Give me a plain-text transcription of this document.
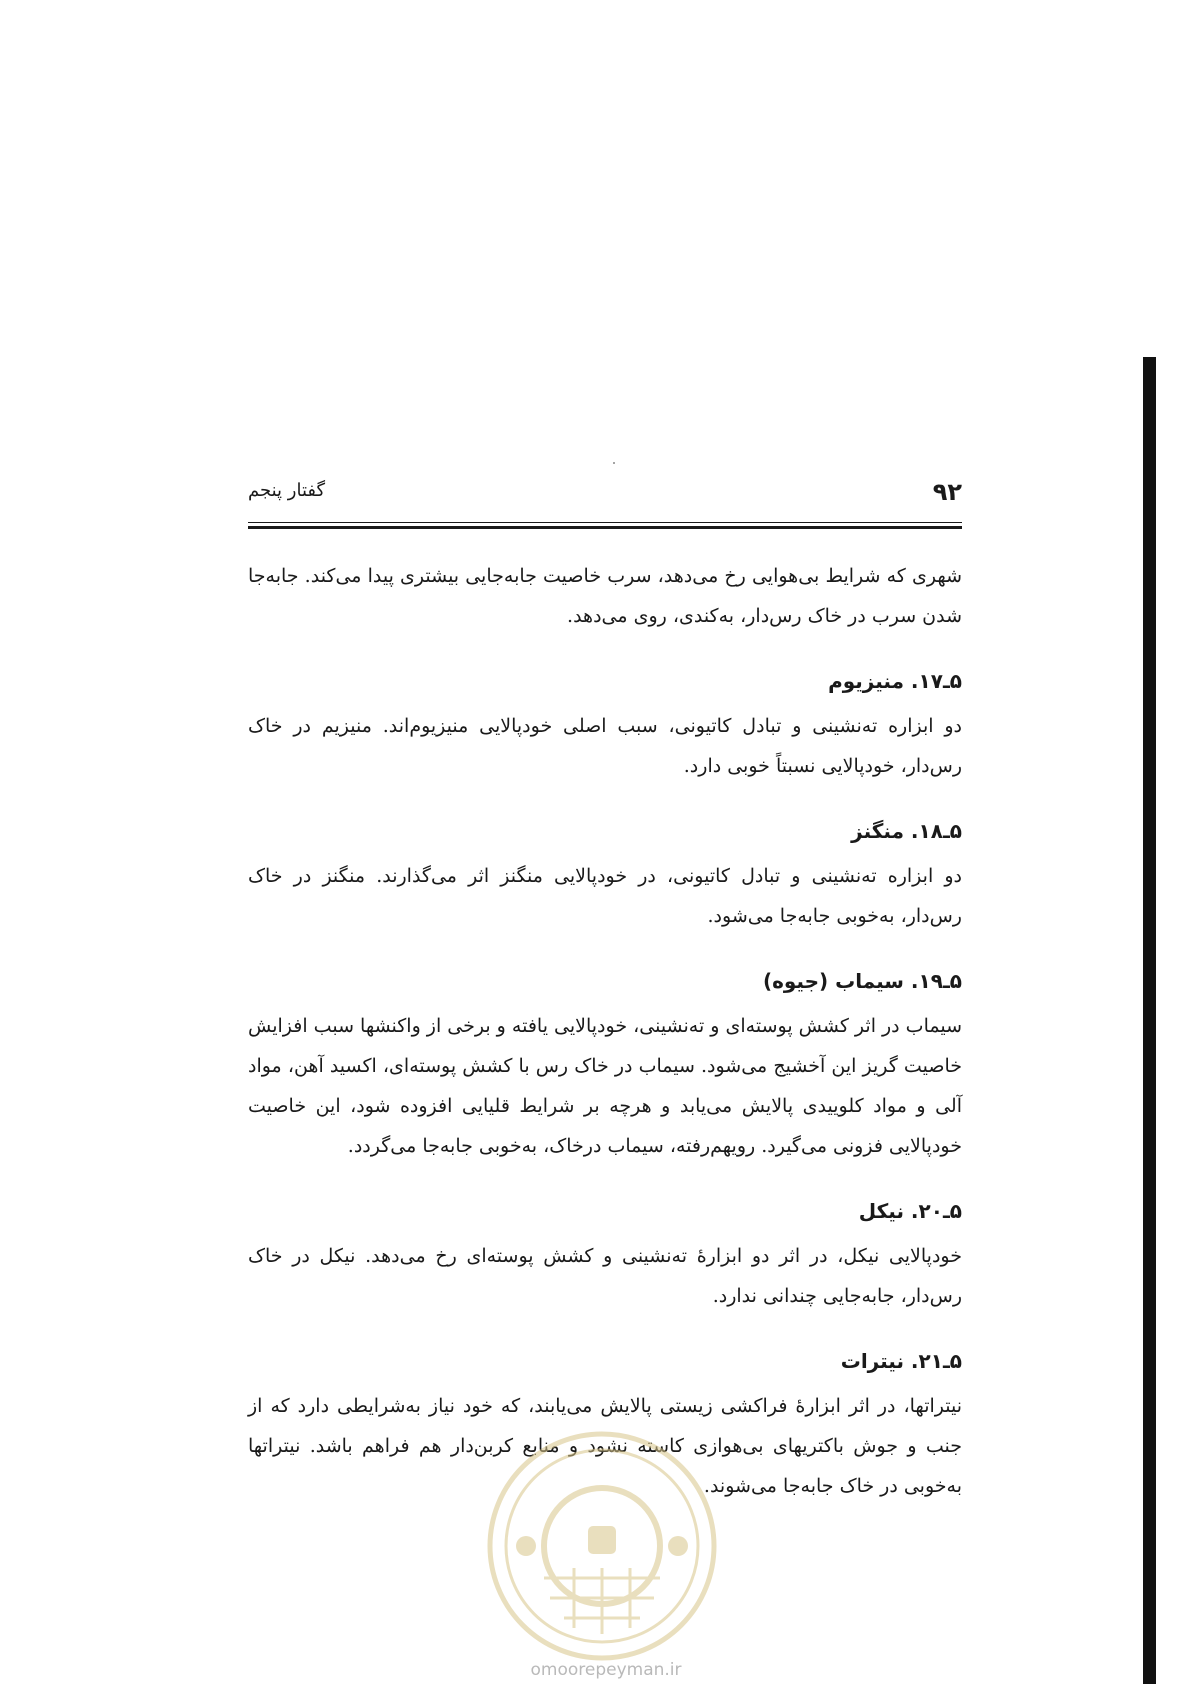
۹۲
گفتار پنجم

شهری که شرایط بی‌هوایی رخ می‌دهد، سرب خاصیت جابه‌جایی بیشتری پیدا می‌کند. جابه‌جا شدن سرب در خاک رس‌دار، به‌کندی، روی می‌دهد.

۵ـ۱۷. منیزیوم

دو ابزاره ته‌نشینی و تبادل کاتیونی، سبب اصلی خودپالایی منیزیوم‌اند. منیزیم در خاک رس‌دار، خودپالایی نسبتاً خوبی دارد.

۵ـ۱۸. منگنز

دو ابزاره ته‌نشینی و تبادل کاتیونی، در خودپالایی منگنز اثر می‌گذارند. منگنز در خاک رس‌دار، به‌خوبی جابه‌جا می‌شود.

۵ـ۱۹. سیماب (جیوه)

سیماب در اثر کشش پوسته‌ای و ته‌نشینی، خودپالایی یافته و برخی از واکنشها سبب افزایش خاصیت گریز این آخشیج می‌شود. سیماب در خاک رس با کشش پوسته‌ای، اکسید آهن، مواد آلی و مواد کلوییدی پالایش می‌یابد و هرچه بر شرایط قلیایی افزوده شود، این خاصیت خودپالایی فزونی می‌گیرد. رویهم‌رفته، سیماب درخاک، به‌خوبی جابه‌جا می‌گردد.

۵ـ۲۰. نیکل

خودپالایی نیکل، در اثر دو ابزارهٔ ته‌نشینی و کشش پوسته‌ای رخ می‌دهد. نیکل در خاک رس‌دار، جابه‌جایی چندانی ندارد.

۵ـ۲۱. نیترات

نیتراتها، در اثر ابزارهٔ فراکشی زیستی پالایش می‌یابند، که خود نیاز به‌شرایطی دارد که از جنب و جوش باکتریهای بی‌هوازی کاسته نشود و منابع کربن‌دار هم فراهم باشد. نیتراتها به‌خوبی در خاک جابه‌جا می‌شوند.

omoorepeyman.ir
